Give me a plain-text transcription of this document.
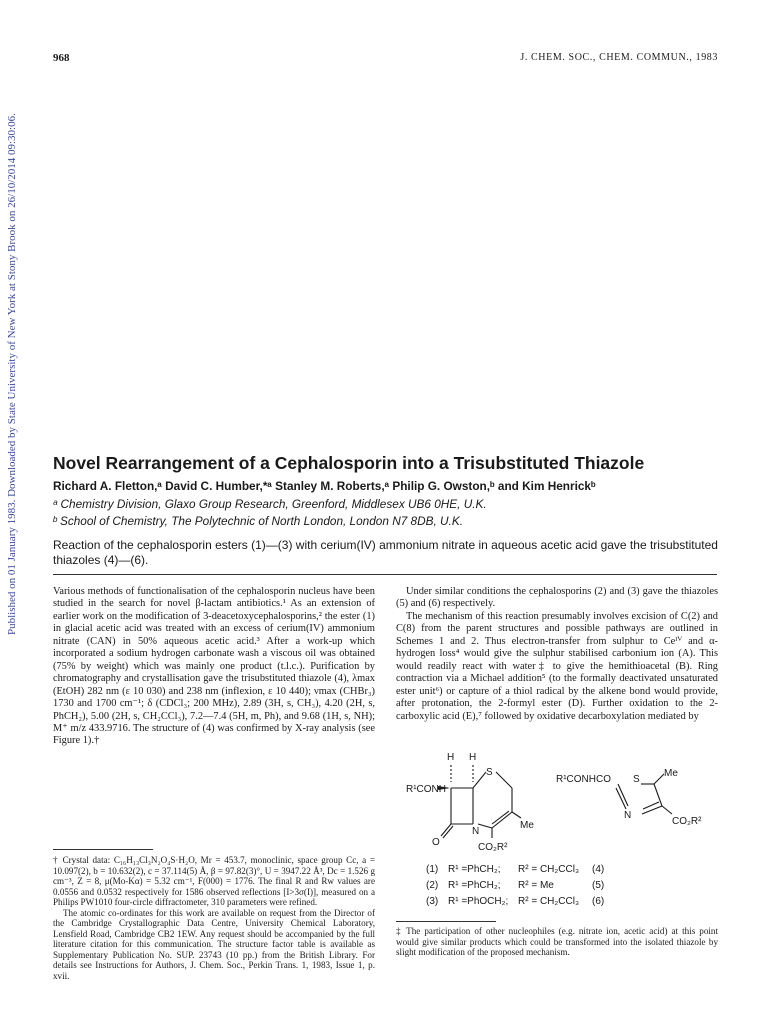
968	J. CHEM. SOC., CHEM. COMMUN., 1983
Published on 01 January 1983. Downloaded by State University of New York at Stony Brook on 26/10/2014 09:30:06. Novel Rearrangement of a Cephalosporin into a Trisubstituted Thiazole
Richard A. Fletton,ᵃ David C. Humber,*ᵃ Stanley M. Roberts,ᵃ Philip G. Owston,ᵇ and Kim Henrickᵇ
ᵃ Chemistry Division, Glaxo Group Research, Greenford, Middlesex UB6 0HE, U.K.
ᵇ School of Chemistry, The Polytechnic of North London, London N7 8DB, U.K.
Reaction of the cephalosporin esters (1)—(3) with cerium(IV) ammonium nitrate in aqueous acetic acid gave the trisubstituted thiazoles (4)—(6).

Various methods of functionalisation of the cephalosporin nucleus have been studied in the search for novel β-lactam antibiotics.¹ As an extension of earlier work on the modification of 3-deacetoxycephalosporins,² the ester (1) in glacial acetic acid was treated with an excess of cerium(IV) ammonium nitrate (CAN) in 50% aqueous acetic acid.³ After a work-up which incorporated a sodium hydrogen carbonate wash a viscous oil was obtained (75% by weight) which was mainly one product (t.l.c.). Purification by chromatography and crystallisation gave the trisubstituted thiazole (4), λmax (EtOH) 282 nm (ε 10 030) and 238 nm (inflexion, ε 10 440); νmax (CHBr₃) 1730 and 1700 cm⁻¹; δ (CDCl₃; 200 MHz), 2.89 (3H, s, CH₃), 4.20 (2H, s, PhCH₂), 5.00 (2H, s, CH₂CCl₃), 7.2—7.4 (5H, m, Ph), and 9.68 (1H, s, NH); M⁺ m/z 433.9716. The structure of (4) was confirmed by X-ray analysis (see Figure 1).†

Under similar conditions the cephalosporins (2) and (3) gave the thiazoles (5) and (6) respectively.

The mechanism of this reaction presumably involves excision of C(2) and C(8) from the parent structures and possible pathways are outlined in Schemes 1 and 2. Thus electron-transfer from sulphur to Ceᴵⱽ and α-hydrogen loss⁴ would give the sulphur stabilised carbonium ion (A). This would readily react with water‡ to give the hemithioacetal (B). Ring contraction via a Michael addition⁵ (to the formally deactivated unsaturated ester unit⁶) or capture of a thiol radical by the alkene bond would provide, after protonation, the 2-formyl ester (D). Further oxidation to the 2-carboxylic acid (E),⁷ followed by oxidative decarboxylation mediated by

† Crystal data: C₁₆H₁₃Cl₃N₂O₄S·H₂O, Mr = 453.7, monoclinic, space group Cc, a = 10.097(2), b = 10.632(2), c = 37.114(5) Å, β = 97.82(3)°, U = 3947.22 Å³, Dc = 1.526 g cm⁻³, Z = 8, μ(Mo-Kα) = 5.32 cm⁻¹, F(000) = 1776. The final R and Rw values are 0.0556 and 0.0532 respectively for 1586 observed reflections [I>3σ(I)], measured on a Philips PW1010 four-circle diffractometer, 310 parameters were refined.

The atomic co-ordinates for this work are available on request from the Director of the Cambridge Crystallographic Data Centre, University Chemical Laboratory, Lensfield Road, Cambridge CB2 1EW. Any request should be accompanied by the full literature citation for this communication. The structure factor table is available as Supplementary Publication No. SUP. 23743 (10 pp.) from the British Library. For details see Instructions for Authors, J. Chem. Soc., Perkin Trans. 1, 1983, Issue 1, p. xvii.

H H
S
R¹CONH
O
N
Me
CO₂R²
R¹CONHCO S
Me
N
CO₂R²
(1) R¹ =PhCH₂; R² = CH₂CCl₃ (4)
(2) R¹ =PhCH₂; R² = Me	(5)
(3) R¹ =PhOCH₂; R² = CH₂CCl₃ (6)
‡ The participation of other nucleophiles (e.g. nitrate ion, acetic acid) at this point would give similar products which could be transformed into the isolated thiazole by slight modification of the proposed mechanism.
